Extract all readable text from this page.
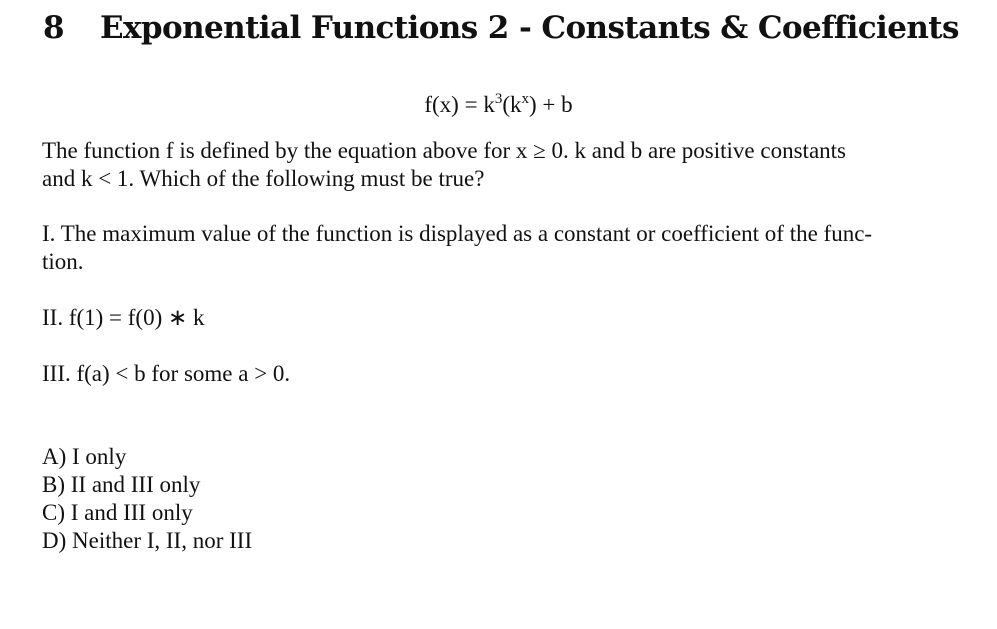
8 Exponential Functions 2 - Constants & Coefficients
$f(x) = k^3(k^x) + b$
The function f is defined by the equation above for x ≥ 0. k and b are positive constants
and k < 1. Which of the following must be true?
I. The maximum value of the function is displayed as a constant or coefficient of the func-
tion.
II. f(1) = f(0) ∗ k
III. f(a) < b for some a > 0.
A) I only
B) II and III only
C) I and III only
D) Neither I, II, nor III
